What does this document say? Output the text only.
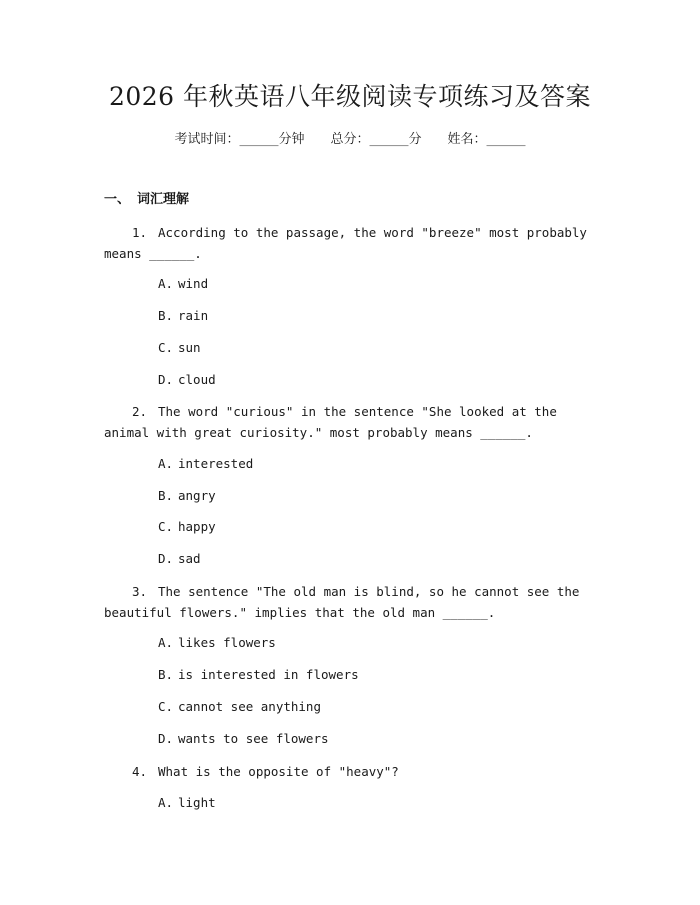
2026 年秋英语八年级阅读专项练习及答案
考试时间：______分钟 总分：______分 姓名：______
一、 词汇理解
1. According to the passage, the word "breeze" most probably means ______.
A. wind
B. rain
C. sun
D. cloud
2. The word "curious" in the sentence "She looked at the animal with great curiosity." most probably means ______.
A. interested
B. angry
C. happy
D. sad
3. The sentence "The old man is blind, so he cannot see the beautiful flowers." implies that the old man ______.
A. likes flowers
B. is interested in flowers
C. cannot see anything
D. wants to see flowers
4. What is the opposite of "heavy"?
A. light
